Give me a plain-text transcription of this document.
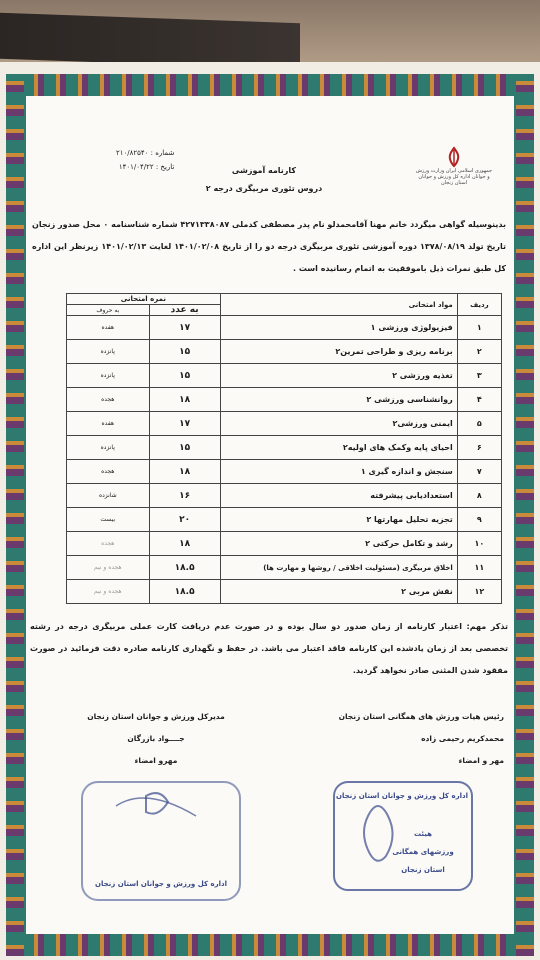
جمهوری اسلامی ایران وزارت ورزش و جوانان اداره کل ورزش و جوانان استان زنجان
کارنامه آموزشی
دروس تئوری مربیگری درجه ۲
شماره : ۲۱۰/۸۲۵۴۰
تاریخ : ۱۴۰۱/۰۴/۲۲
بدینوسیله گواهی میگردد خانم مهنا آقامحمدلو نام پدر مصطفی کدملی ۴۲۷۱۳۳۸۰۸۷ شماره شناسنامه ۰ محل صدور زنجان تاریخ تولد ۱۳۷۸/۰۸/۱۹ دوره آموزشی تئوری مربیگری درجه دو را از تاریخ ۱۴۰۱/۰۲/۰۸ لغایت ۱۴۰۱/۰۲/۱۳ زیرنظر این اداره کل طبق نمرات ذیل باموفقیت به اتمام رسانیده است .
ردیف	مواد امتحانی	نمره امتحانی	
		به عدد	به حروف
۱	فیزیولوژی ورزشی ۱	۱۷	هفده
۲	برنامه ریزی و طراحی تمرین۲	۱۵	پانزده
۳	تغذیه ورزشی ۲	۱۵	پانزده
۴	روانشناسی ورزشی ۲	۱۸	هجده
۵	ایمنی ورزشی۲	۱۷	هفده
۶	احیای پایه وکمک های اولیه۲	۱۵	پانزده
۷	سنجش و اندازه گیری ۱	۱۸	هجده
۸	استعدادیابی پیشرفته	۱۶	شانزده
۹	تجزیه تحلیل مهارتها ۲	۲۰	بیست
۱۰	رشد و تکامل حرکتی ۲	۱۸	هجده
۱۱	اخلاق مربیگری (مسئولیت اخلاقی / روشها و مهارت ها)	۱۸.۵	هجده و نیم
۱۲	نقش مربی ۲	۱۸.۵	هجده و نیم
تذکر مهم: اعتبار کارنامه از زمان صدور دو سال بوده و در صورت عدم دریافت کارت عملی مربیگری درجه در رشته تخصصی بعد از زمان یادشده این کارنامه فاقد اعتبار می باشد. در حفظ و نگهداری کارنامه صادره دقت فرمائید در صورت مفقود شدن المثنی صادر نخواهد گردید.
رئیس هیات ورزش های همگانی استان زنجان
محمدکریم رحیمی زاده
مهر و امضاء
مدیرکل ورزش و جوانان استان زنجان
جــــواد بازرگان
مهرو امضاء
اداره کل ورزش و جوانان استان زنجان
هیئت
ورزشهای همگانی
استان زنجان
اداره کل ورزش و جوانان استان زنجان
